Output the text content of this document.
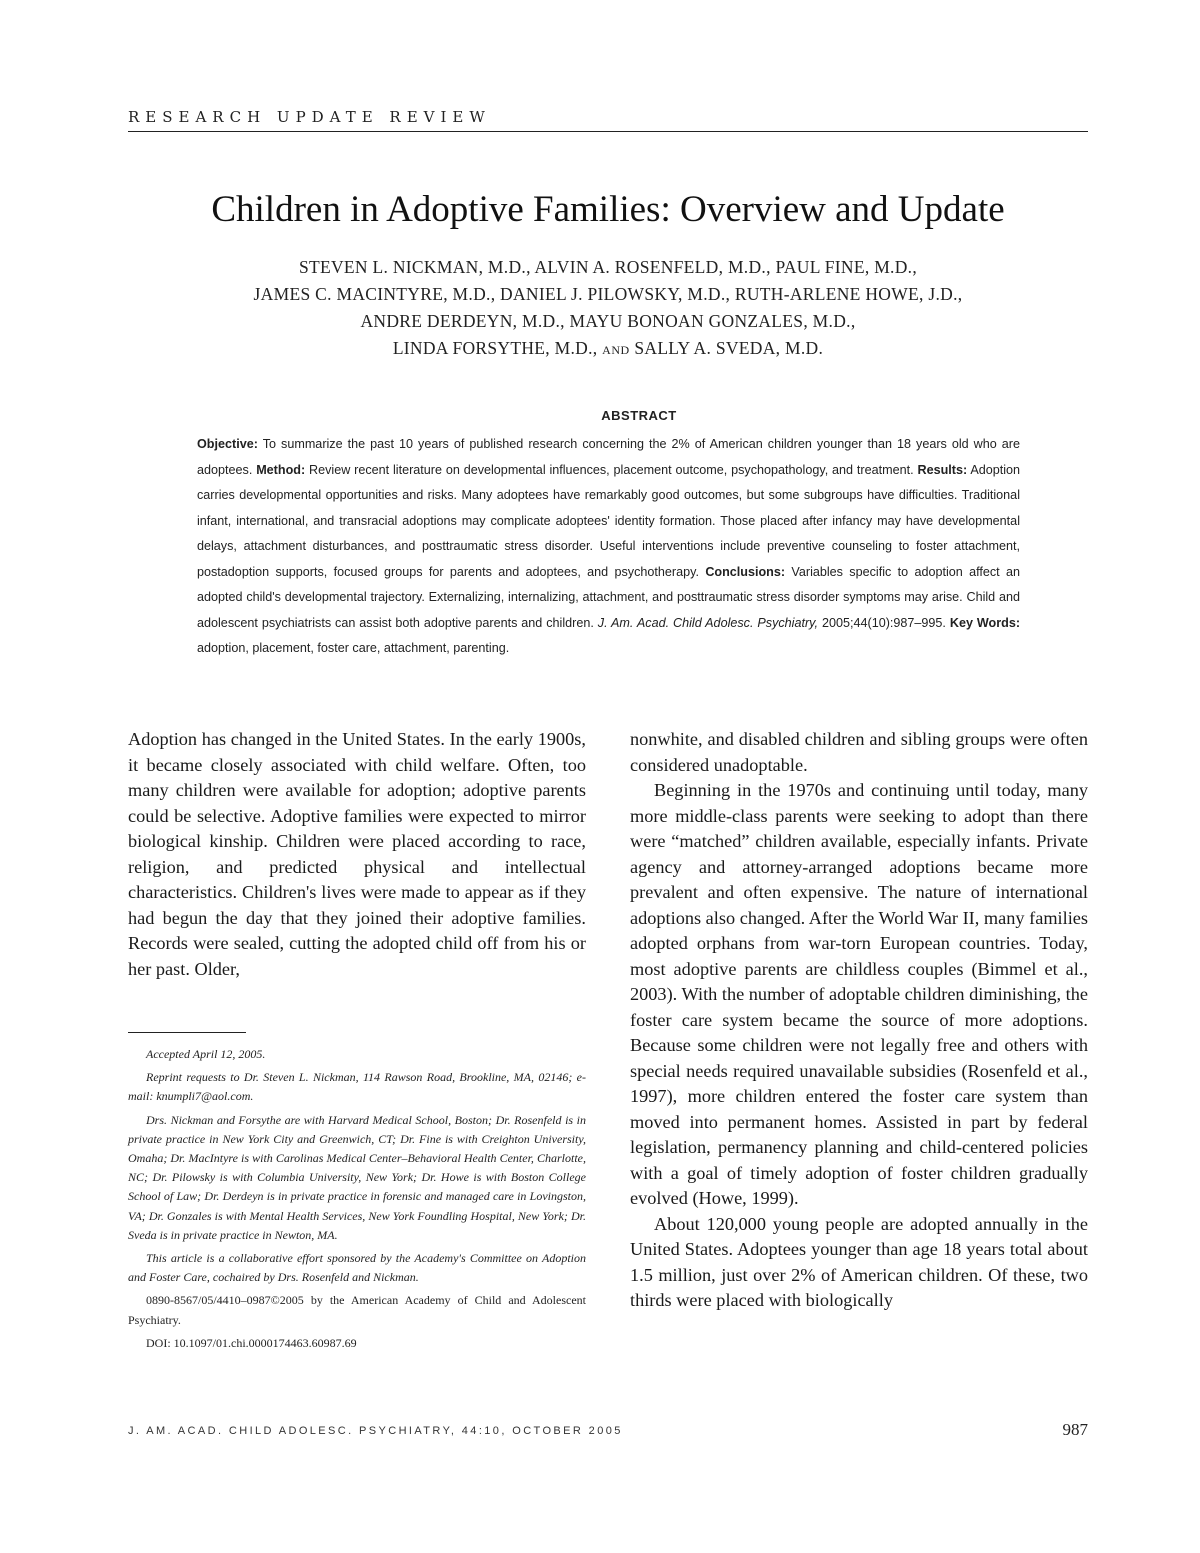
RESEARCH UPDATE REVIEW
Children in Adoptive Families: Overview and Update
STEVEN L. NICKMAN, M.D., ALVIN A. ROSENFELD, M.D., PAUL FINE, M.D.,
JAMES C. MACINTYRE, M.D., DANIEL J. PILOWSKY, M.D., RUTH-ARLENE HOWE, J.D.,
ANDRE DERDEYN, M.D., MAYU BONOAN GONZALES, M.D.,
LINDA FORSYTHE, M.D., AND SALLY A. SVEDA, M.D.
ABSTRACT
Objective: To summarize the past 10 years of published research concerning the 2% of American children younger than 18 years old who are adoptees. Method: Review recent literature on developmental influences, placement outcome, psychopathology, and treatment. Results: Adoption carries developmental opportunities and risks. Many adoptees have remarkably good outcomes, but some subgroups have difficulties. Traditional infant, international, and transracial adoptions may complicate adoptees' identity formation. Those placed after infancy may have developmental delays, attachment disturbances, and posttraumatic stress disorder. Useful interventions include preventive counseling to foster attachment, postadoption supports, focused groups for parents and adoptees, and psychotherapy. Conclusions: Variables specific to adoption affect an adopted child's developmental trajectory. Externalizing, internalizing, attachment, and posttraumatic stress disorder symptoms may arise. Child and adolescent psychiatrists can assist both adoptive parents and children. J. Am. Acad. Child Adolesc. Psychiatry, 2005;44(10):987–995. Key Words: adoption, placement, foster care, attachment, parenting.

Adoption has changed in the United States. In the early 1900s, it became closely associated with child welfare. Often, too many children were available for adoption; adoptive parents could be selective. Adoptive families were expected to mirror biological kinship. Children were placed according to race, religion, and predicted physical and intellectual characteristics. Children's lives were made to appear as if they had begun the day that they joined their adoptive families. Records were sealed, cutting the adopted child off from his or her past. Older,

nonwhite, and disabled children and sibling groups were often considered unadoptable.

Beginning in the 1970s and continuing until today, many more middle-class parents were seeking to adopt than there were “matched” children available, especially infants. Private agency and attorney-arranged adoptions became more prevalent and often expensive. The nature of international adoptions also changed. After the World War II, many families adopted orphans from war-torn European countries. Today, most adoptive parents are childless couples (Bimmel et al., 2003). With the number of adoptable children diminishing, the foster care system became the source of more adoptions. Because some children were not legally free and others with special needs required unavailable subsidies (Rosenfeld et al., 1997), more children entered the foster care system than moved into permanent homes. Assisted in part by federal legislation, permanency planning and child-centered policies with a goal of timely adoption of foster children gradually evolved (Howe, 1999).

About 120,000 young people are adopted annually in the United States. Adoptees younger than age 18 years total about 1.5 million, just over 2% of American children. Of these, two thirds were placed with biologically

Accepted April 12, 2005.

Reprint requests to Dr. Steven L. Nickman, 114 Rawson Road, Brookline, MA, 02146; e-mail: knumpli7@aol.com.

Drs. Nickman and Forsythe are with Harvard Medical School, Boston; Dr. Rosenfeld is in private practice in New York City and Greenwich, CT; Dr. Fine is with Creighton University, Omaha; Dr. MacIntyre is with Carolinas Medical Center–Behavioral Health Center, Charlotte, NC; Dr. Pilowsky is with Columbia University, New York; Dr. Howe is with Boston College School of Law; Dr. Derdeyn is in private practice in forensic and managed care in Lovingston, VA; Dr. Gonzales is with Mental Health Services, New York Foundling Hospital, New York; Dr. Sveda is in private practice in Newton, MA.

This article is a collaborative effort sponsored by the Academy's Committee on Adoption and Foster Care, cochaired by Drs. Rosenfeld and Nickman.

0890-8567/05/4410–0987©2005 by the American Academy of Child and Adolescent Psychiatry.

DOI: 10.1097/01.chi.0000174463.60987.69

J. AM. ACAD. CHILD ADOLESC. PSYCHIATRY, 44:10, OCTOBER 2005	987
